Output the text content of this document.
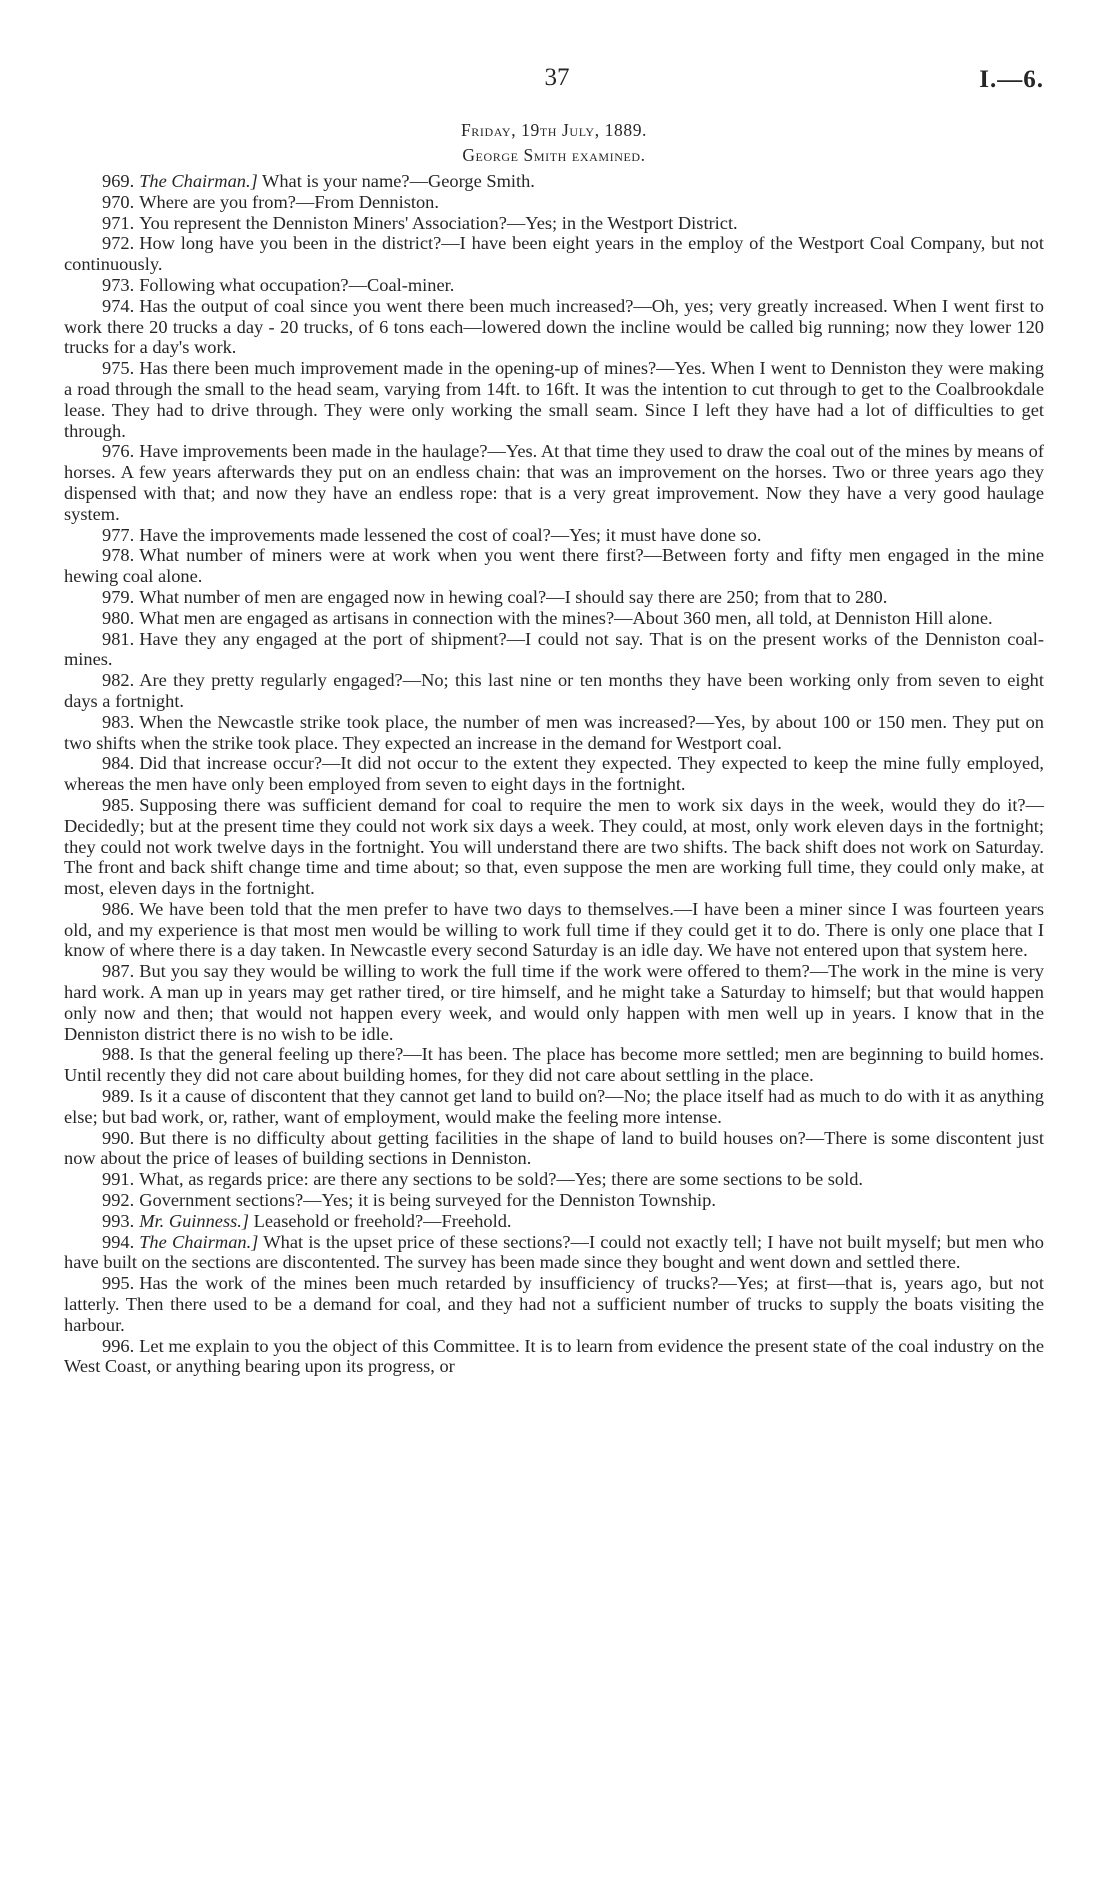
37	I.—6.
Friday, 19th July, 1889.
George Smith examined.

969. The Chairman.] What is your name?—George Smith.

970. Where are you from?—From Denniston.

971. You represent the Denniston Miners' Association?—Yes; in the Westport District.

972. How long have you been in the district?—I have been eight years in the employ of the Westport Coal Company, but not continuously.

973. Following what occupation?—Coal-miner.

974. Has the output of coal since you went there been much increased?—Oh, yes; very greatly increased. When I went first to work there 20 trucks a day - 20 trucks, of 6 tons each—lowered down the incline would be called big running; now they lower 120 trucks for a day's work.

975. Has there been much improvement made in the opening-up of mines?—Yes. When I went to Denniston they were making a road through the small to the head seam, varying from 14ft. to 16ft. It was the intention to cut through to get to the Coalbrookdale lease. They had to drive through. They were only working the small seam. Since I left they have had a lot of difficulties to get through.

976. Have improvements been made in the haulage?—Yes. At that time they used to draw the coal out of the mines by means of horses. A few years afterwards they put on an endless chain: that was an improvement on the horses. Two or three years ago they dispensed with that; and now they have an endless rope: that is a very great improvement. Now they have a very good haulage system.

977. Have the improvements made lessened the cost of coal?—Yes; it must have done so.

978. What number of miners were at work when you went there first?—Between forty and fifty men engaged in the mine hewing coal alone.

979. What number of men are engaged now in hewing coal?—I should say there are 250; from that to 280.

980. What men are engaged as artisans in connection with the mines?—About 360 men, all told, at Denniston Hill alone.

981. Have they any engaged at the port of shipment?—I could not say. That is on the present works of the Denniston coal-mines.

982. Are they pretty regularly engaged?—No; this last nine or ten months they have been working only from seven to eight days a fortnight.

983. When the Newcastle strike took place, the number of men was increased?—Yes, by about 100 or 150 men. They put on two shifts when the strike took place. They expected an increase in the demand for Westport coal.

984. Did that increase occur?—It did not occur to the extent they expected. They expected to keep the mine fully employed, whereas the men have only been employed from seven to eight days in the fortnight.

985. Supposing there was sufficient demand for coal to require the men to work six days in the week, would they do it?—Decidedly; but at the present time they could not work six days a week. They could, at most, only work eleven days in the fortnight; they could not work twelve days in the fortnight. You will understand there are two shifts. The back shift does not work on Saturday. The front and back shift change time and time about; so that, even suppose the men are working full time, they could only make, at most, eleven days in the fortnight.

986. We have been told that the men prefer to have two days to themselves.—I have been a miner since I was fourteen years old, and my experience is that most men would be willing to work full time if they could get it to do. There is only one place that I know of where there is a day taken. In Newcastle every second Saturday is an idle day. We have not entered upon that system here.

987. But you say they would be willing to work the full time if the work were offered to them?—The work in the mine is very hard work. A man up in years may get rather tired, or tire himself, and he might take a Saturday to himself; but that would happen only now and then; that would not happen every week, and would only happen with men well up in years. I know that in the Denniston district there is no wish to be idle.

988. Is that the general feeling up there?—It has been. The place has become more settled; men are beginning to build homes. Until recently they did not care about building homes, for they did not care about settling in the place.

989. Is it a cause of discontent that they cannot get land to build on?—No; the place itself had as much to do with it as anything else; but bad work, or, rather, want of employment, would make the feeling more intense.

990. But there is no difficulty about getting facilities in the shape of land to build houses on?—There is some discontent just now about the price of leases of building sections in Denniston.

991. What, as regards price: are there any sections to be sold?—Yes; there are some sections to be sold.

992. Government sections?—Yes; it is being surveyed for the Denniston Township.

993. Mr. Guinness.] Leasehold or freehold?—Freehold.

994. The Chairman.] What is the upset price of these sections?—I could not exactly tell; I have not built myself; but men who have built on the sections are discontented. The survey has been made since they bought and went down and settled there.

995. Has the work of the mines been much retarded by insufficiency of trucks?—Yes; at first—that is, years ago, but not latterly. Then there used to be a demand for coal, and they had not a sufficient number of trucks to supply the boats visiting the harbour.

996. Let me explain to you the object of this Committee. It is to learn from evidence the present state of the coal industry on the West Coast, or anything bearing upon its progress, or
